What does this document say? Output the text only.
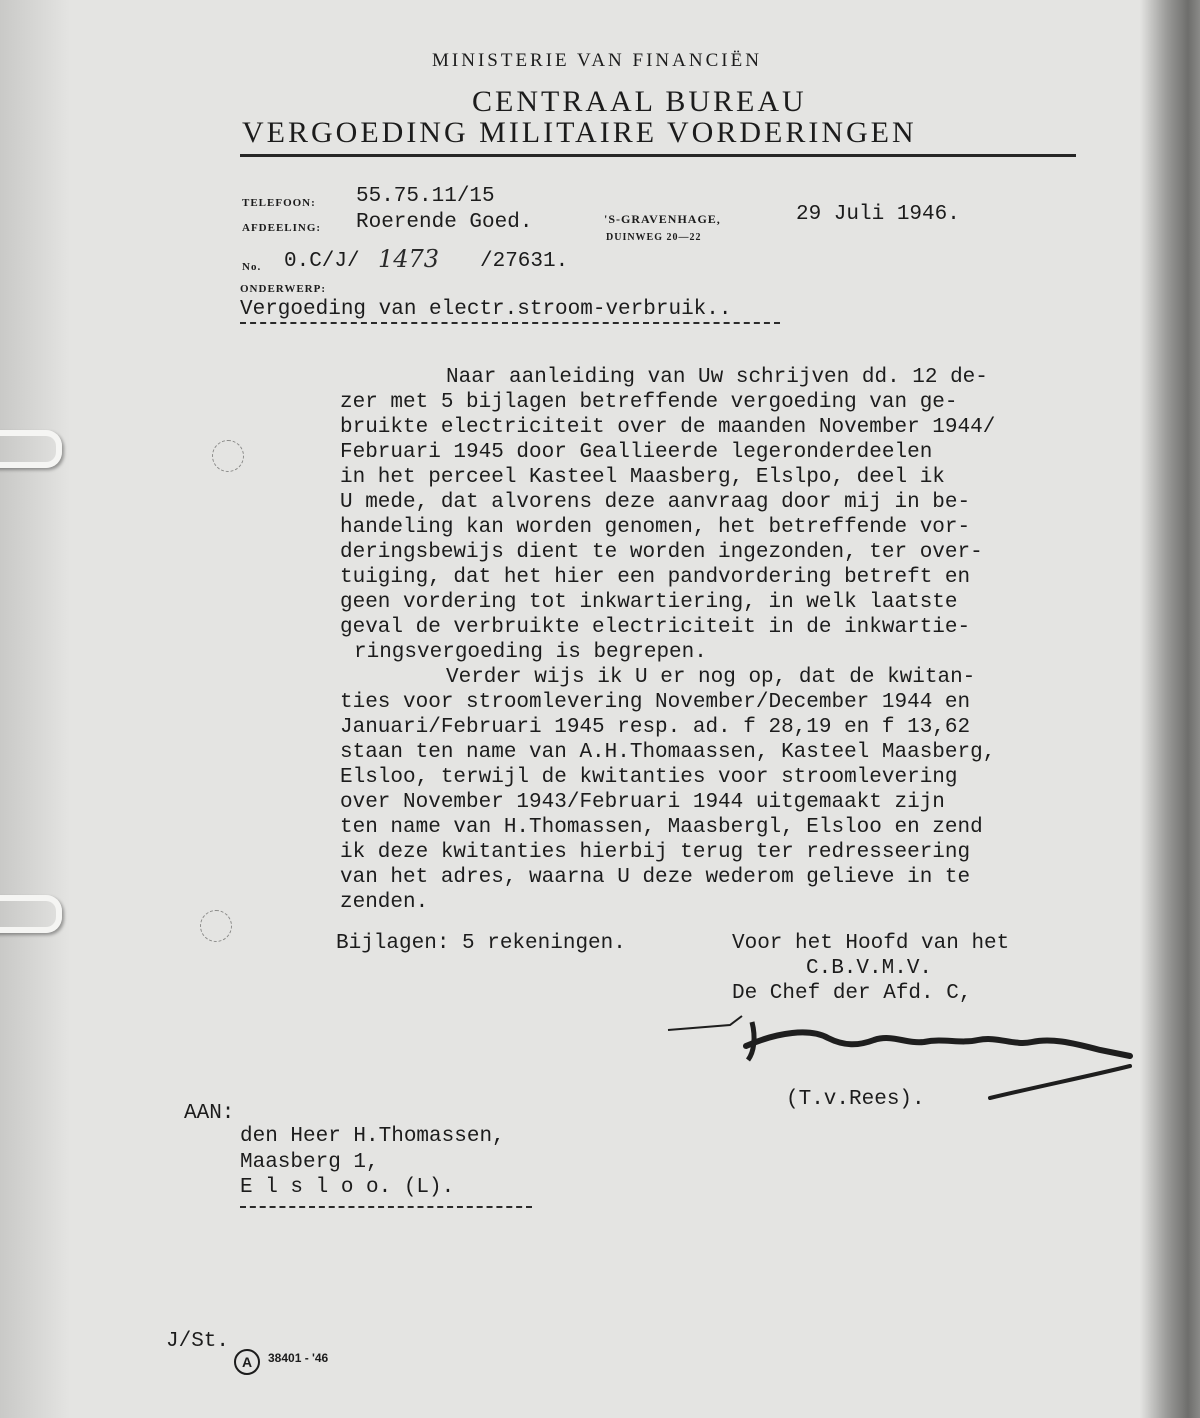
MINISTERIE VAN FINANCIËN
CENTRAAL BUREAU
VERGOEDING MILITAIRE VORDERINGEN
TELEFOON: 55.75.11/15
AFDEELING: Roerende Goed.	'S-GRAVENHAGE,
DUINWEG 20—22
29 Juli 1946.
No. 0.C/J/ 1473 /27631.
ONDERWERP:
Vergoeding van electr.stroom-verbruik..
Naar aanleiding van Uw schrijven dd. 12 de-
zer met 5 bijlagen betreffende vergoeding van ge-
bruikte electriciteit over de maanden November 1944/
Februari 1945 door Geallieerde legeronderdeelen
in het perceel Kasteel Maasberg, Elslpo, deel ik
U mede, dat alvorens deze aanvraag door mij in be-
handeling kan worden genomen, het betreffende vor-
deringsbewijs dient te worden ingezonden, ter over-
tuiging, dat het hier een pandvordering betreft en
geen vordering tot inkwartiering, in welk laatste
geval de verbruikte electriciteit in de inkwartie-
ringsvergoeding is begrepen.
Verder wijs ik U er nog op, dat de kwitan-
ties voor stroomlevering November/December 1944 en
Januari/Februari 1945 resp. ad. f 28,19 en f 13,62
staan ten name van A.H.Thomaassen, Kasteel Maasberg,
Elsloo, terwijl de kwitanties voor stroomlevering
over November 1943/Februari 1944 uitgemaakt zijn
ten name van H.Thomassen, Maasbergl, Elsloo en zend
ik deze kwitanties hierbij terug ter redresseering
van het adres, waarna U deze wederom gelieve in te
zenden.
Bijlagen: 5 rekeningen.	Voor het Hoofd van het
C.B.V.M.V.
De Chef der Afd. C,
(T.v.Rees).
AAN:
den Heer H.Thomassen,
Maasberg 1,
E l s l o o. (L).
J/St.
A	38401 - '46
